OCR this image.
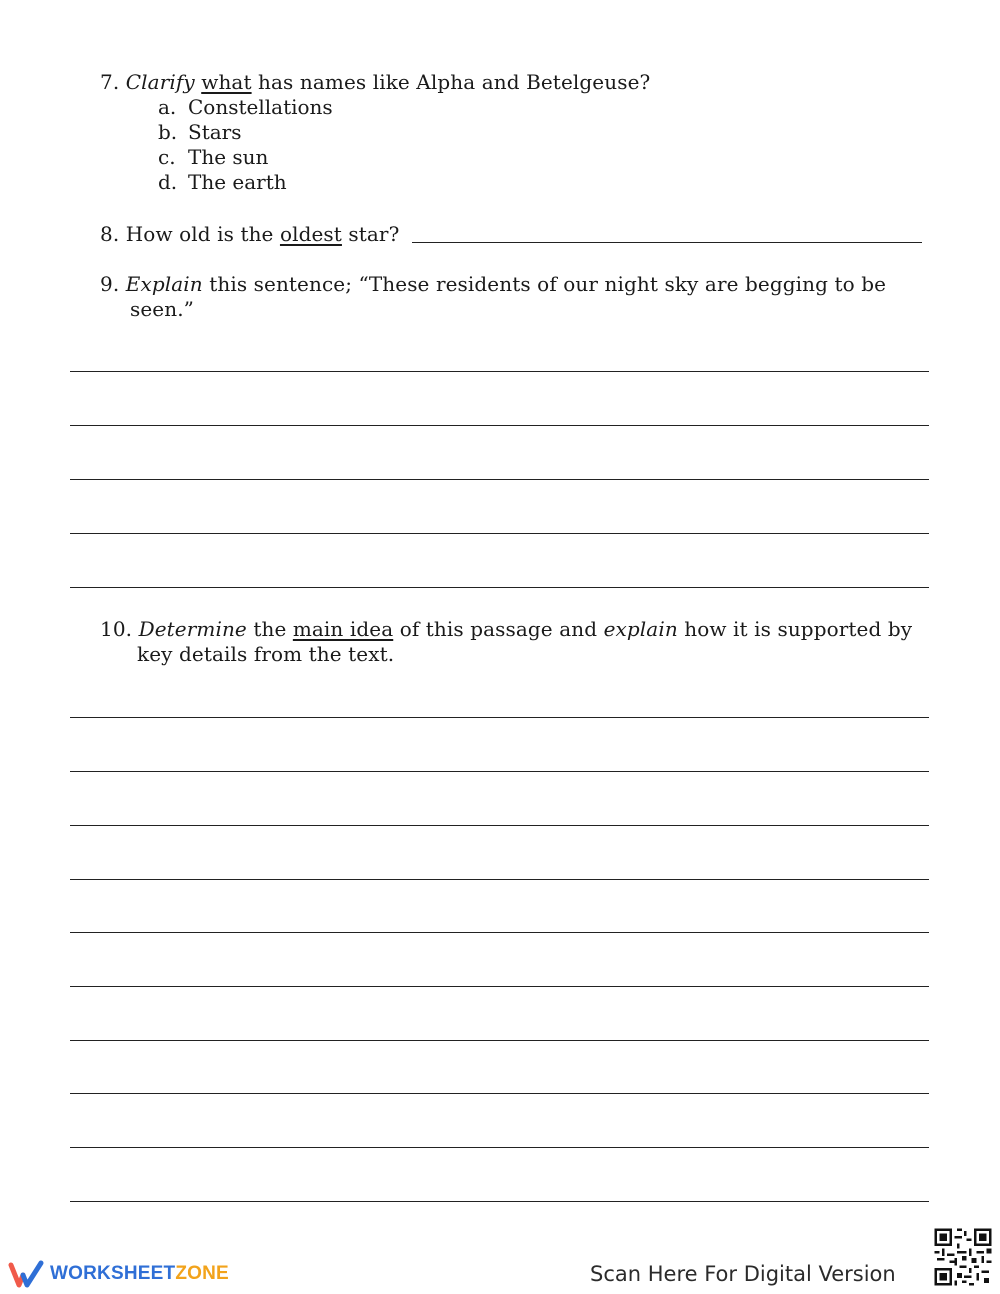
7. Clarify what has names like Alpha and Betelgeuse?
a. Constellations
b. Stars
c. The sun
d. The earth
8. How old is the oldest star?
9. Explain this sentence; “These residents of our night sky are begging to be
seen.”
10. Determine the main idea of this passage and explain how it is supported by
key details from the text.
WORKSHEETZONE	Scan Here For Digital Version
